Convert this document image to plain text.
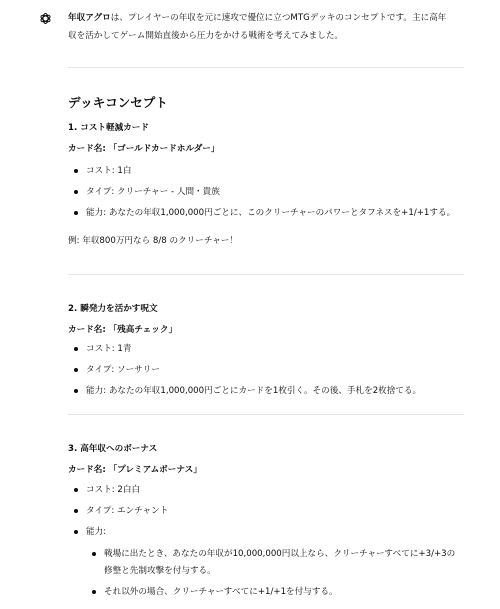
年収アグロは、プレイヤーの年収を元に速攻で優位に立つMTGデッキのコンセプトです。主に高年
収を活かしてゲーム開始直後から圧力をかける戦術を考えてみました。
デッキコンセプト
1. コスト軽減カード
カード名: 「ゴールドカードホルダー」
コスト: 1白
タイプ: クリーチャー - 人間・貴族
能力: あなたの年収1,000,000円ごとに、このクリーチャーのパワーとタフネスを+1/+1する。
例: 年収800万円なら 8/8 のクリーチャー！
2. 瞬発力を活かす呪文
カード名: 「残高チェック」
コスト: 1青
タイプ: ソーサリー
能力: あなたの年収1,000,000円ごとにカードを1枚引く。その後、手札を2枚捨てる。
3. 高年収へのボーナス
カード名: 「プレミアムボーナス」
コスト: 2白白
タイプ: エンチャント
能力:
戦場に出たとき、あなたの年収が10,000,000円以上なら、クリーチャーすべてに+3/+3の
修整と先制攻撃を付与する。
それ以外の場合、クリーチャーすべてに+1/+1を付与する。
